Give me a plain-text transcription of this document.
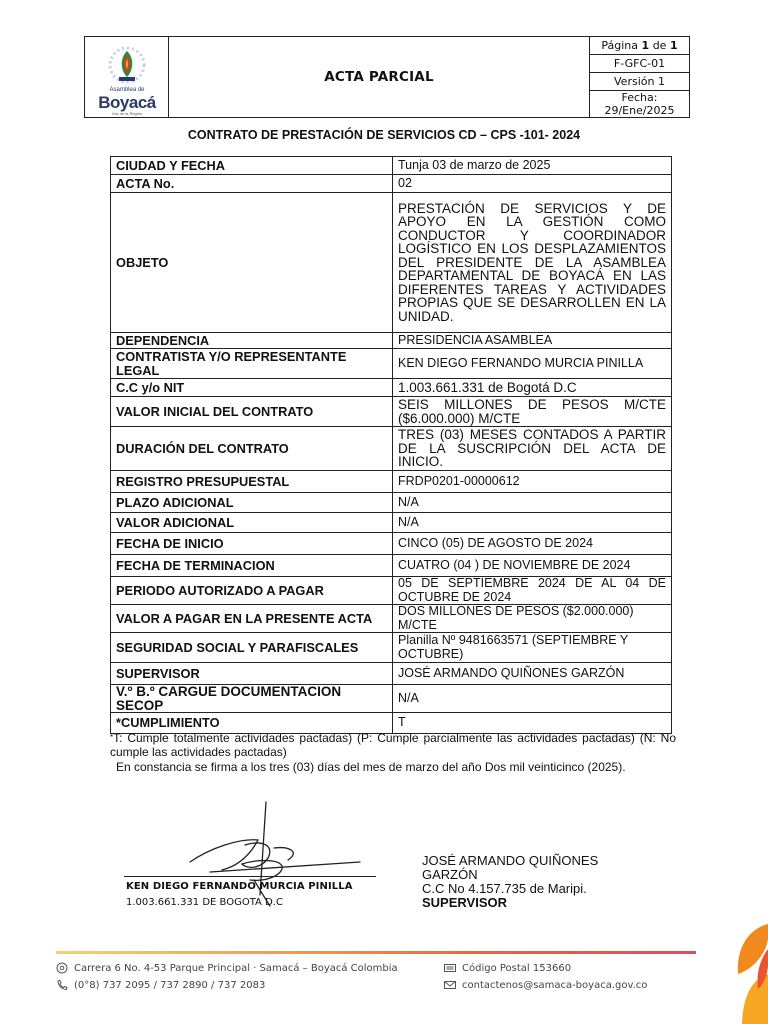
Asamblea de
Boyacá
Voz de la Región
ACTA PARCIAL
Página
1
de
1
F-GFC-01
Versión 1
Fecha:
29/Ene/2025
CONTRATO DE PRESTACIÓN DE SERVICIOS CD – CPS -101- 2024
CIUDAD Y FECHA	Tunja 03 de marzo de 2025
ACTA No.	02
OBJETO	PRESTACIÓN DE SERVICIOS Y DE APOYO EN LA GESTIÓN COMO CONDUCTOR Y COORDINADOR LOGÍSTICO EN LOS DESPLAZAMIENTOS DEL PRESIDENTE DE LA ASAMBLEA DEPARTAMENTAL DE BOYACÁ EN LAS DIFERENTES TAREAS Y ACTIVIDADES PROPIAS QUE SE DESARROLLEN EN LA UNIDAD.
DEPENDENCIA	PRESIDENCIA ASAMBLEA
CONTRATISTA Y/O REPRESENTANTE LEGAL	KEN DIEGO FERNANDO MURCIA PINILLA
C.C y/o NIT	1.003.661.331 de Bogotá D.C
VALOR INICIAL DEL CONTRATO	SEIS MILLONES DE PESOS M/CTE ($6.000.000) M/CTE
DURACIÓN DEL CONTRATO	TRES (03) MESES CONTADOS A PARTIR DE LA SUSCRIPCIÓN DEL ACTA DE INICIO.
REGISTRO PRESUPUESTAL	FRDP0201-00000612
PLAZO ADICIONAL	N/A
VALOR ADICIONAL	N/A
FECHA DE INICIO	CINCO (05) DE AGOSTO DE 2024
FECHA DE TERMINACION	CUATRO (04 ) DE NOVIEMBRE DE 2024
PERIODO AUTORIZADO A PAGAR	05 DE SEPTIEMBRE 2024 DE AL 04 DE OCTUBRE DE 2024
VALOR A PAGAR EN LA PRESENTE ACTA	DOS MILLONES DE PESOS ($2.000.000) M/CTE
SEGURIDAD SOCIAL Y PARAFISCALES	Planilla Nº 9481663571 (SEPTIEMBRE Y OCTUBRE)
SUPERVISOR	JOSÉ ARMANDO QUIÑONES GARZÓN
V.º B.º CARGUE DOCUMENTACION SECOP	N/A
*CUMPLIMIENTO	T
*T: Cumple totalmente actividades pactadas) (P: Cumple parcialmente las actividades pactadas) (N: No cumple las actividades pactadas)
En constancia se firma a los tres (03) días del mes de marzo del año Dos mil veinticinco (2025).
KEN DIEGO FERNANDO MURCIA PINILLA
1.003.661.331 DE BOGOTA D.C
JOSÉ ARMANDO QUIÑONES GARZÓN
C.C No 4.157.735 de Maripi.
SUPERVISOR
Carrera 6 No. 4-53 Parque Principal · Samacá – Boyacá Colombia
(0°8) 737 2095 / 737 2890 / 737 2083
Código Postal 153660
contactenos@samaca-boyaca.gov.co
